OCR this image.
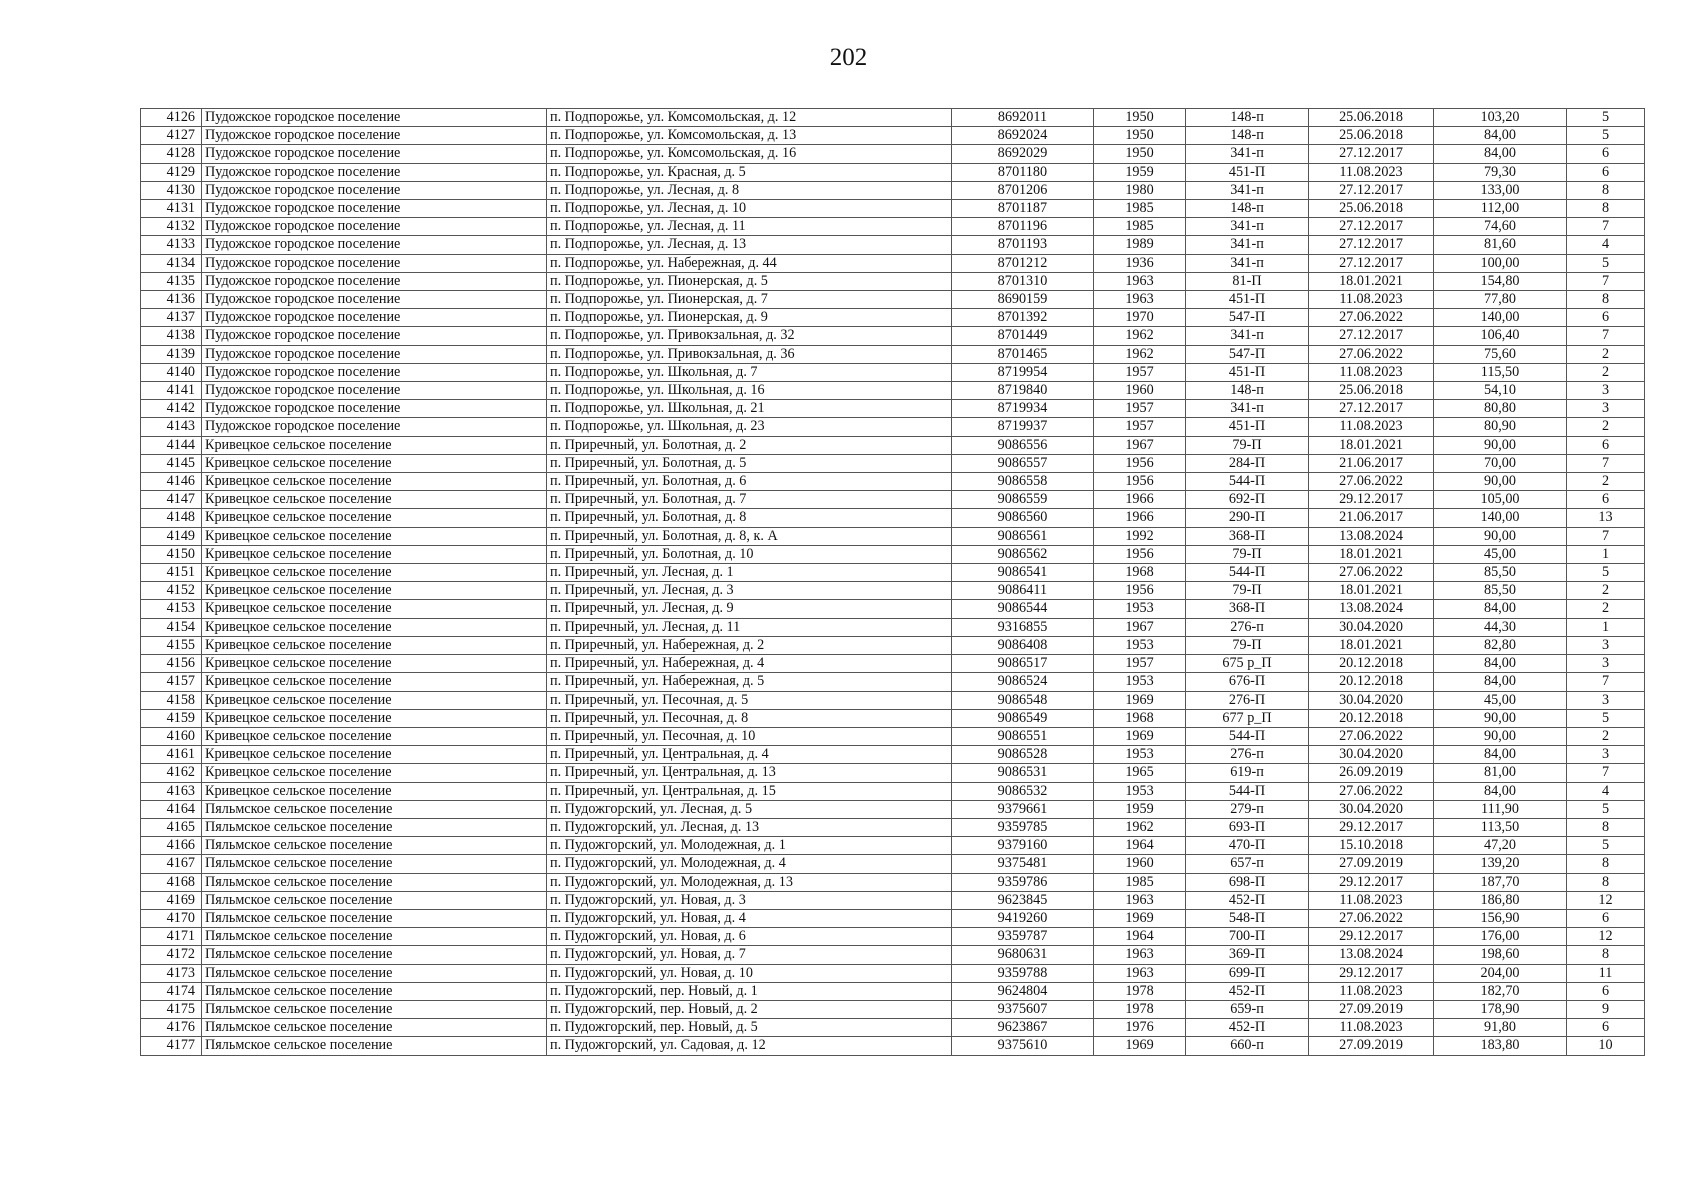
202
4126	Пудожское городское поселение	п. Подпорожье, ул. Комсомольская, д. 12	8692011	1950	148-п	25.06.2018	103,20	5
4127	Пудожское городское поселение	п. Подпорожье, ул. Комсомольская, д. 13	8692024	1950	148-п	25.06.2018	84,00	5
4128	Пудожское городское поселение	п. Подпорожье, ул. Комсомольская, д. 16	8692029	1950	341-п	27.12.2017	84,00	6
4129	Пудожское городское поселение	п. Подпорожье, ул. Красная, д. 5	8701180	1959	451-П	11.08.2023	79,30	6
4130	Пудожское городское поселение	п. Подпорожье, ул. Лесная, д. 8	8701206	1980	341-п	27.12.2017	133,00	8
4131	Пудожское городское поселение	п. Подпорожье, ул. Лесная, д. 10	8701187	1985	148-п	25.06.2018	112,00	8
4132	Пудожское городское поселение	п. Подпорожье, ул. Лесная, д. 11	8701196	1985	341-п	27.12.2017	74,60	7
4133	Пудожское городское поселение	п. Подпорожье, ул. Лесная, д. 13	8701193	1989	341-п	27.12.2017	81,60	4
4134	Пудожское городское поселение	п. Подпорожье, ул. Набережная, д. 44	8701212	1936	341-п	27.12.2017	100,00	5
4135	Пудожское городское поселение	п. Подпорожье, ул. Пионерская, д. 5	8701310	1963	81-П	18.01.2021	154,80	7
4136	Пудожское городское поселение	п. Подпорожье, ул. Пионерская, д. 7	8690159	1963	451-П	11.08.2023	77,80	8
4137	Пудожское городское поселение	п. Подпорожье, ул. Пионерская, д. 9	8701392	1970	547-П	27.06.2022	140,00	6
4138	Пудожское городское поселение	п. Подпорожье, ул. Привокзальная, д. 32	8701449	1962	341-п	27.12.2017	106,40	7
4139	Пудожское городское поселение	п. Подпорожье, ул. Привокзальная, д. 36	8701465	1962	547-П	27.06.2022	75,60	2
4140	Пудожское городское поселение	п. Подпорожье, ул. Школьная, д. 7	8719954	1957	451-П	11.08.2023	115,50	2
4141	Пудожское городское поселение	п. Подпорожье, ул. Школьная, д. 16	8719840	1960	148-п	25.06.2018	54,10	3
4142	Пудожское городское поселение	п. Подпорожье, ул. Школьная, д. 21	8719934	1957	341-п	27.12.2017	80,80	3
4143	Пудожское городское поселение	п. Подпорожье, ул. Школьная, д. 23	8719937	1957	451-П	11.08.2023	80,90	2
4144	Кривецкое сельское поселение	п. Приречный, ул. Болотная, д. 2	9086556	1967	79-П	18.01.2021	90,00	6
4145	Кривецкое сельское поселение	п. Приречный, ул. Болотная, д. 5	9086557	1956	284-П	21.06.2017	70,00	7
4146	Кривецкое сельское поселение	п. Приречный, ул. Болотная, д. 6	9086558	1956	544-П	27.06.2022	90,00	2
4147	Кривецкое сельское поселение	п. Приречный, ул. Болотная, д. 7	9086559	1966	692-П	29.12.2017	105,00	6
4148	Кривецкое сельское поселение	п. Приречный, ул. Болотная, д. 8	9086560	1966	290-П	21.06.2017	140,00	13
4149	Кривецкое сельское поселение	п. Приречный, ул. Болотная, д. 8, к. А	9086561	1992	368-П	13.08.2024	90,00	7
4150	Кривецкое сельское поселение	п. Приречный, ул. Болотная, д. 10	9086562	1956	79-П	18.01.2021	45,00	1
4151	Кривецкое сельское поселение	п. Приречный, ул. Лесная, д. 1	9086541	1968	544-П	27.06.2022	85,50	5
4152	Кривецкое сельское поселение	п. Приречный, ул. Лесная, д. 3	9086411	1956	79-П	18.01.2021	85,50	2
4153	Кривецкое сельское поселение	п. Приречный, ул. Лесная, д. 9	9086544	1953	368-П	13.08.2024	84,00	2
4154	Кривецкое сельское поселение	п. Приречный, ул. Лесная, д. 11	9316855	1967	276-п	30.04.2020	44,30	1
4155	Кривецкое сельское поселение	п. Приречный, ул. Набережная, д. 2	9086408	1953	79-П	18.01.2021	82,80	3
4156	Кривецкое сельское поселение	п. Приречный, ул. Набережная, д. 4	9086517	1957	675 р_П	20.12.2018	84,00	3
4157	Кривецкое сельское поселение	п. Приречный, ул. Набережная, д. 5	9086524	1953	676-П	20.12.2018	84,00	7
4158	Кривецкое сельское поселение	п. Приречный, ул. Песочная, д. 5	9086548	1969	276-П	30.04.2020	45,00	3
4159	Кривецкое сельское поселение	п. Приречный, ул. Песочная, д. 8	9086549	1968	677 р_П	20.12.2018	90,00	5
4160	Кривецкое сельское поселение	п. Приречный, ул. Песочная, д. 10	9086551	1969	544-П	27.06.2022	90,00	2
4161	Кривецкое сельское поселение	п. Приречный, ул. Центральная, д. 4	9086528	1953	276-п	30.04.2020	84,00	3
4162	Кривецкое сельское поселение	п. Приречный, ул. Центральная, д. 13	9086531	1965	619-п	26.09.2019	81,00	7
4163	Кривецкое сельское поселение	п. Приречный, ул. Центральная, д. 15	9086532	1953	544-П	27.06.2022	84,00	4
4164	Пяльмское сельское поселение	п. Пудожгорский, ул. Лесная, д. 5	9379661	1959	279-п	30.04.2020	111,90	5
4165	Пяльмское сельское поселение	п. Пудожгорский, ул. Лесная, д. 13	9359785	1962	693-П	29.12.2017	113,50	8
4166	Пяльмское сельское поселение	п. Пудожгорский, ул. Молодежная, д. 1	9379160	1964	470-П	15.10.2018	47,20	5
4167	Пяльмское сельское поселение	п. Пудожгорский, ул. Молодежная, д. 4	9375481	1960	657-п	27.09.2019	139,20	8
4168	Пяльмское сельское поселение	п. Пудожгорский, ул. Молодежная, д. 13	9359786	1985	698-П	29.12.2017	187,70	8
4169	Пяльмское сельское поселение	п. Пудожгорский, ул. Новая, д. 3	9623845	1963	452-П	11.08.2023	186,80	12
4170	Пяльмское сельское поселение	п. Пудожгорский, ул. Новая, д. 4	9419260	1969	548-П	27.06.2022	156,90	6
4171	Пяльмское сельское поселение	п. Пудожгорский, ул. Новая, д. 6	9359787	1964	700-П	29.12.2017	176,00	12
4172	Пяльмское сельское поселение	п. Пудожгорский, ул. Новая, д. 7	9680631	1963	369-П	13.08.2024	198,60	8
4173	Пяльмское сельское поселение	п. Пудожгорский, ул. Новая, д. 10	9359788	1963	699-П	29.12.2017	204,00	11
4174	Пяльмское сельское поселение	п. Пудожгорский, пер. Новый, д. 1	9624804	1978	452-П	11.08.2023	182,70	6
4175	Пяльмское сельское поселение	п. Пудожгорский, пер. Новый, д. 2	9375607	1978	659-п	27.09.2019	178,90	9
4176	Пяльмское сельское поселение	п. Пудожгорский, пер. Новый, д. 5	9623867	1976	452-П	11.08.2023	91,80	6
4177	Пяльмское сельское поселение	п. Пудожгорский, ул. Садовая, д. 12	9375610	1969	660-п	27.09.2019	183,80	10
